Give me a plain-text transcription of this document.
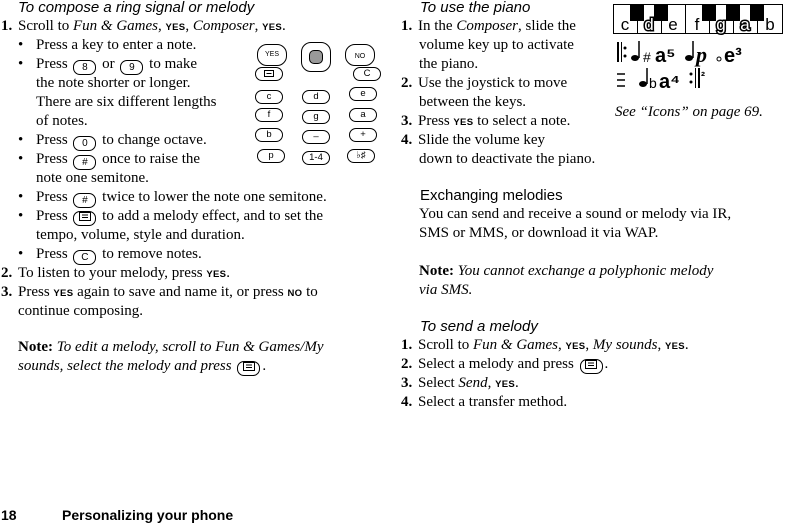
To compose a ring signal or melody
1. Scroll to Fun & Games, YES, Composer, YES.
• Press a key to enter a note.
• Press 8 or 9 to make
the note shorter or longer.
There are six different lengths
of notes.
• Press 0 to change octave.
• Press # once to raise the
note one semitone.
• Press # twice to lower the note one semitone.
• Press to add a melody effect, and to set the
tempo, volume, style and duration.
• Press C to remove notes.
2. To listen to your melody, press YES.
3. Press YES again to save and name it, or press NO to
continue composing.
Note: To edit a melody, scroll to Fun & Games/My
sounds, select the melody and press .
YES	NO
C
c	d	e
f	g	a
b	–	+
p	1-4	♭♯
To use the piano
1. In the Composer, slide the
volume key up to activate
the piano.
2. Use the joystick to move
between the keys.
3. Press YES to select a note.
4. Slide the volume key
down to deactivate the piano.
Exchanging melodies
You can send and receive a sound or melody via IR,
SMS or MMS, or download it via WAP.
Note: You cannot exchange a polyphonic melody
via SMS.
To send a melody
1. Scroll to Fun & Games, YES, My sounds, YES.
2. Select a melody and press .
3. Select Send, YES.
4. Select a transfer method.
c d e f g a b
# a⁵ p e³
b a⁴ ²
See “Icons” on page 69.
18	Personalizing your phone
